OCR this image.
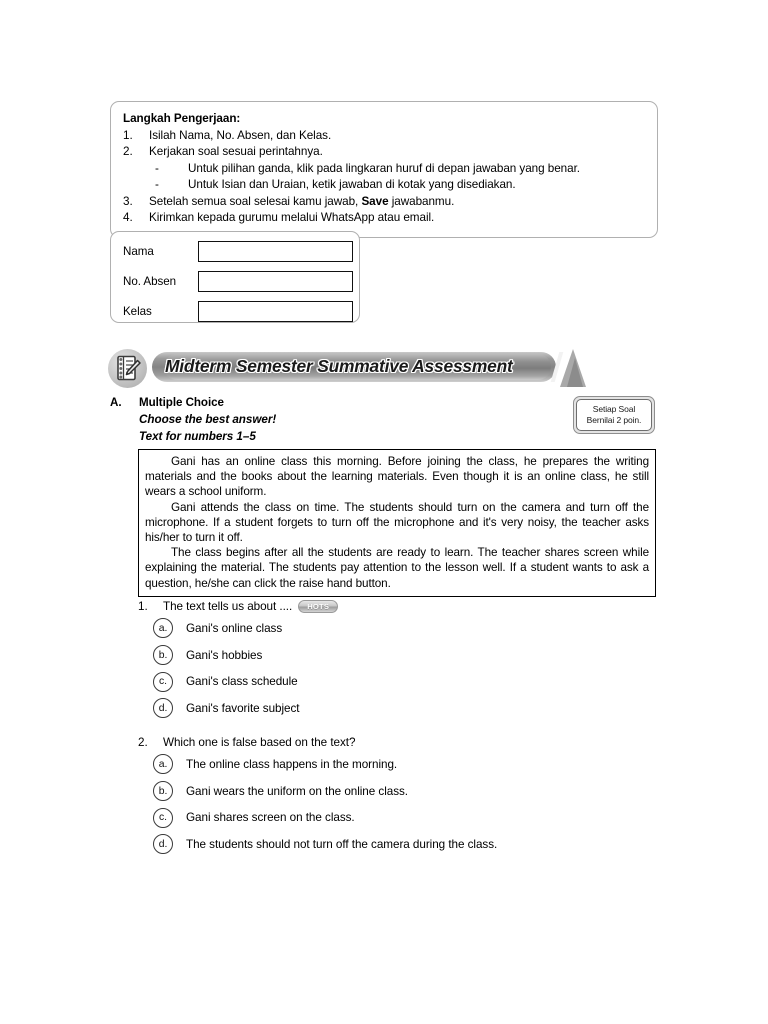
Langkah Pengerjaan:
1.	Isilah Nama, No. Absen, dan Kelas.
2.	Kerjakan soal sesuai perintahnya.
-	Untuk pilihan ganda, klik pada lingkaran huruf di depan jawaban yang benar.
-	Untuk Isian dan Uraian, ketik jawaban di kotak yang disediakan.
3.	Setelah semua soal selesai kamu jawab, Save jawabanmu.
4.	Kirimkan kepada gurumu melalui WhatsApp atau email.
Nama
No. Absen
Kelas
Midterm Semester Summative Assessment
A. Multiple Choice
Choose the best answer!
Text for numbers 1–5
Setiap Soal
Bernilai 2 poin.

Gani has an online class this morning. Before joining the class, he prepares the writing materials and the books about the learning materials. Even though it is an online class, he still wears a school uniform.

Gani attends the class on time. The students should turn on the camera and turn off the microphone. If a student forgets to turn off the microphone and it's very noisy, the teacher asks his/her to turn it off.

The class begins after all the students are ready to learn. The teacher shares screen while explaining the material. The students pay attention to the lesson well. If a student wants to ask a question, he/she can click the raise hand button.

1.	The text tells us about .... HOTS
a. Gani's online class
b. Gani's hobbies
c. Gani's class schedule
d. Gani's favorite subject
2.	Which one is false based on the text?
a. The online class happens in the morning.
b. Gani wears the uniform on the online class.
c. Gani shares screen on the class.
d. The students should not turn off the camera during the class.
